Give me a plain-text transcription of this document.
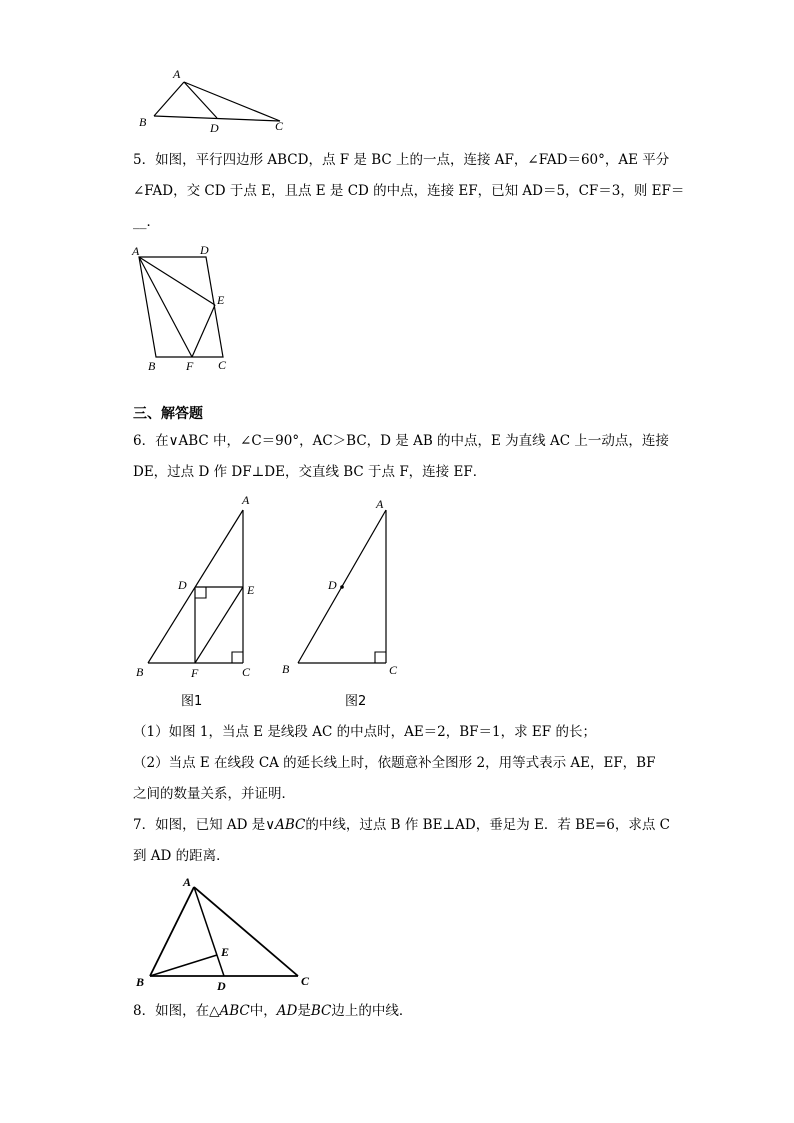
A
B	D	C
5．如图，平行四边形 ABCD，点 F 是 BC 上的一点，连接 AF，∠FAD＝60°，AE 平分
∠FAD，交 CD 于点 E，且点 E 是 CD 的中点，连接 EF，已知 AD＝5，CF＝3，则 EF＝
__．
A	D
E
B	F C
三、解答题
6．在∨ABC 中，∠C＝90°，AC＞BC，D 是 AB 的中点，E 为直线 AC 上一动点，连接
DE，过点 D 作 DF⊥DE，交直线 BC 于点 F，连接 EF．
A
D	E
B	F	C
图1
A
D
B	C
图2
（1）如图 1，当点 E 是线段 AC 的中点时，AE＝2，BF＝1，求 EF 的长；
（2）当点 E 在线段 CA 的延长线上时，依题意补全图形 2，用等式表示 AE，EF，BF
之间的数量关系，并证明．
7．如图，已知 AD 是∨ABC的中线，过点 B 作 BE⊥AD，垂足为 E．若 BE=6，求点 C
到 AD 的距离．
A
B	C
D
E
8．如图，在△ABC中，AD是BC边上的中线．
